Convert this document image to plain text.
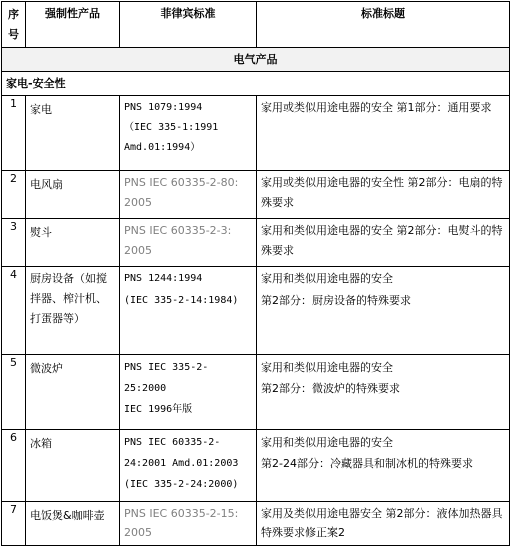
序
号	强制性产品	菲律宾标准	标准标题
电气产品			
家电-安全性			
1	家电	PNS 1079:1994
（IEC 335-1:1991
Amd.01:1994）	家用或类似用途电器的安全 第1部分：通用要求
2	电风扇	PNS IEC 60335-2-80:
2005	家用或类似用途电器的安全性 第2部分：电扇的特殊要求
3	熨斗	PNS IEC 60335-2-3:
2005	家用和类似用途电器的安全 第2部分：电熨斗的特殊要求
4	厨房设备（如搅拌器、榨汁机、打蛋器等）	PNS 1244:1994
(IEC 335-2-14:1984)	家用和类似用途电器的安全
第2部分：厨房设备的特殊要求

5	微波炉	PNS IEC 335-2-
25:2000
IEC 1996年版	家用和类似用途电器的安全
第2部分：微波炉的特殊要求

6	冰箱	PNS IEC 60335-2-
24:2001 Amd.01:2003
(IEC 335-2-24:2000)	家用和类似用途电器的安全
第2-24部分：冷藏器具和制冰机的特殊要求

7	电饭煲&咖啡壶	PNS IEC 60335-2-15:
2005	家用及类似用途电器安全 第2部分：液体加热器具特殊要求修正案2
